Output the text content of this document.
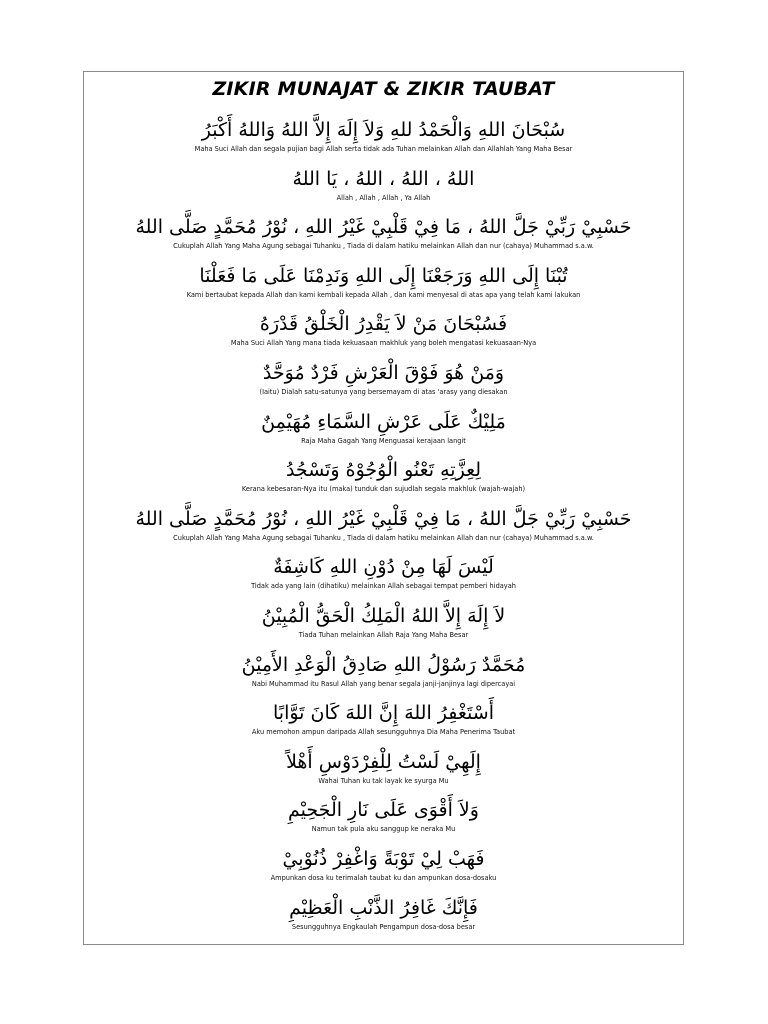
ZIKIR MUNAJAT & ZIKIR TAUBAT
سُبْحَانَ اللهِ وَالْحَمْدُ للهِ وَلاَ إِلَهَ إِلاَّ اللهُ وَاللهُ أَكْبَرُ
Maha Suci Allah dan segala pujian bagi Allah serta tidak ada Tuhan melainkan Allah dan Allahlah Yang Maha Besar
اللهُ ، اللهُ ، اللهُ ، يَا اللهُ
Allah , Allah , Allah , Ya Allah
حَسْبِيْ رَبِّيْ جَلَّ اللهُ ، مَا فِيْ قَلْبِيْ غَيْرُ اللهِ ، نُوْرُ مُحَمَّدٍ صَلَّى اللهُ
Cukuplah Allah Yang Maha Agung sebagai Tuhanku , Tiada di dalam hatiku melainkan Allah dan nur (cahaya) Muhammad s.a.w.
تُبْنَا إِلَى اللهِ وَرَجَعْنَا إِلَى اللهِ وَنَدِمْنَا عَلَى مَا فَعَلْنَا
Kami bertaubat kepada Allah dan kami kembali kepada Allah , dan kami menyesal di atas apa yang telah kami lakukan
فَسُبْحَانَ مَنْ لاَ يَقْدِرُ الْخَلْقُ قَدْرَهُ
Maha Suci Allah Yang mana tiada kekuasaan makhluk yang boleh mengatasi kekuasaan-Nya
وَمَنْ هُوَ فَوْقَ الْعَرْشِ فَرْدٌ مُوَحَّدٌ
(Iaitu) Dialah satu-satunya yang bersemayam di atas 'arasy yang diesakan
مَلِيْكٌ عَلَى عَرْشِ السَّمَاءِ مُهَيْمِنٌ
Raja Maha Gagah Yang Menguasai kerajaan langit
لِعِزَّتِهِ تَعْنُو الْوُجُوْهُ وَتَسْجُدُ
Kerana kebesaran-Nya itu (maka) tunduk dan sujudlah segala makhluk (wajah-wajah)
حَسْبِيْ رَبِّيْ جَلَّ اللهُ ، مَا فِيْ قَلْبِيْ غَيْرُ اللهِ ، نُوْرُ مُحَمَّدٍ صَلَّى اللهُ
Cukuplah Allah Yang Maha Agung sebagai Tuhanku , Tiada di dalam hatiku melainkan Allah dan nur (cahaya) Muhammad s.a.w.
لَيْسَ لَهَا مِنْ دُوْنِ اللهِ كَاشِفَةٌ
Tidak ada yang lain (dihatiku) melainkan Allah sebagai tempat pemberi hidayah
لاَ إِلَهَ إِلاَّ اللهُ الْمَلِكُ الْحَقُّ الْمُبِيْنُ
Tiada Tuhan melainkan Allah Raja Yang Maha Besar
مُحَمَّدٌ رَسُوْلُ اللهِ صَادِقُ الْوَعْدِ الأَمِيْنُ
Nabi Muhammad itu Rasul Allah yang benar segala janji-janjinya lagi dipercayai
أَسْتَغْفِرُ اللهَ إِنَّ اللهَ كَانَ تَوَّابًا
Aku memohon ampun daripada Allah sesungguhnya Dia Maha Penerima Taubat
إِلَهِيْ لَسْتُ لِلْفِرْدَوْسِ أَهْلاً
Wahai Tuhan ku tak layak ke syurga Mu
وَلاَ أَقْوَى عَلَى نَارِ الْجَحِيْمِ
Namun tak pula aku sanggup ke neraka Mu
فَهَبْ لِيْ تَوْبَةً وَاغْفِرْ ذُنُوْبِيْ
Ampunkan dosa ku terimalah taubat ku dan ampunkan dosa-dosaku
فَإِنَّكَ غَافِرُ الذَّنْبِ الْعَظِيْمِ
Sesungguhnya Engkaulah Pengampun dosa-dosa besar
